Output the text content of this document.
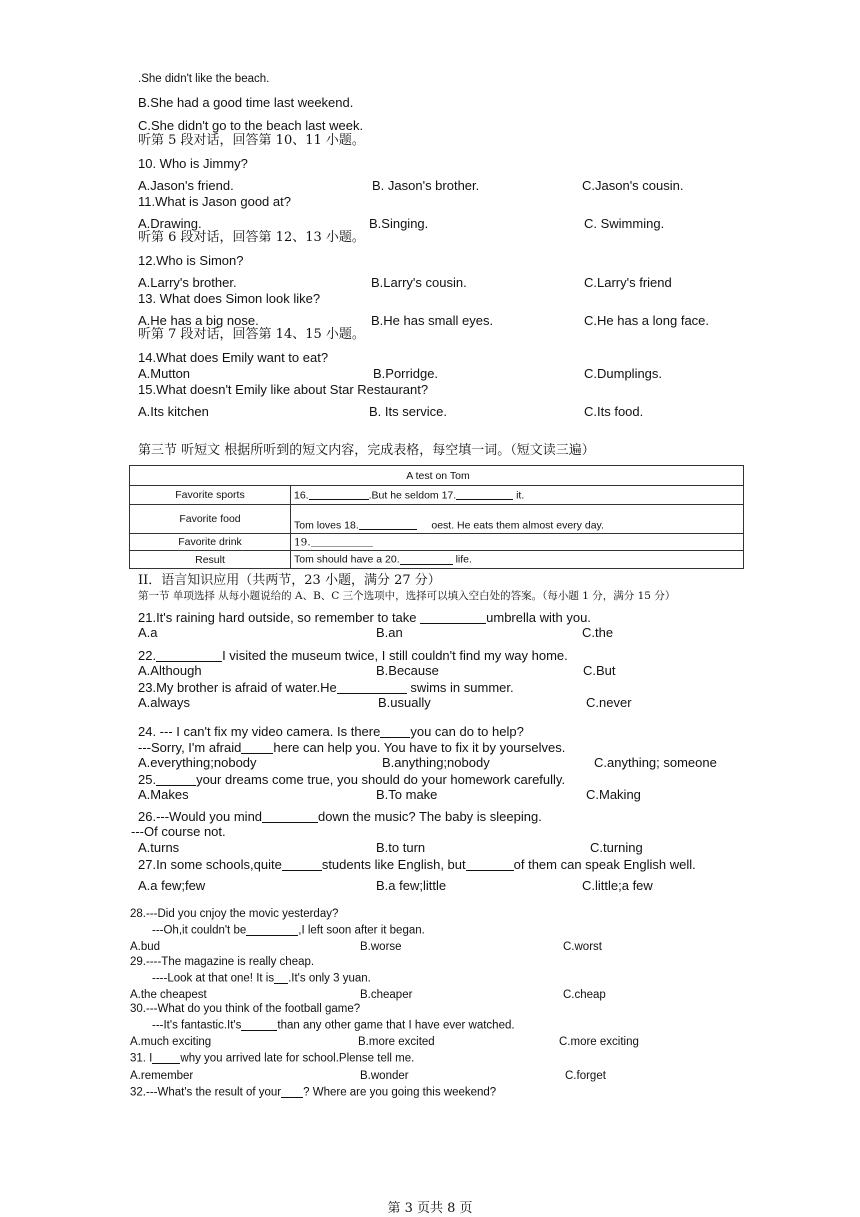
.She didn't like the beach.
B.She had a good time last weekend.
C.She didn't go to the beach last week.
听第 5 段对话，回答第 10、11 小题。
10. Who is Jimmy?
A.Jason's friend.	B. Jason's brother.	C.Jason's cousin.
11.What is Jason good at?
A.Drawing.	B.Singing.	C. Swimming.
听第 6 段对话，回答第 12、13 小题。
12.Who is Simon?
A.Larry's brother.	B.Larry's cousin.	C.Larry's friend
13. What does Simon look like?
A.He has a big nose.	B.He has small eyes.	C.He has a long face.
听第 7 段对话，回答第 14、15 小题。
14.What does Emily want to eat?
A.Mutton	B.Porridge.	C.Dumplings.
15.What doesn't Emily like about Star Restaurant?
A.Its kitchen	B. Its service.	C.Its food.
第三节 听短文 根据所听到的短文内容，完成表格，每空填一词。（短文读三遍）
A test on Tom	
Favorite sports	16. .But he seldom 17. it.
Favorite food	Tom loves 18. oest. He eats them almost every day.
Favorite drink	19.
Result	Tom should have a 20. life.
II．语言知识应用（共两节，23 小题，满分 27 分）
第一节 单项选择 从每小题说给的 A、B、C 三个选项中，选择可以填入空白处的答案。（每小题 1 分，满分 15 分）
21.It's raining hard outside, so remember to take	umbrella with you.
A.a	B.an	C.the
22.	I visited the museum twice, I still couldn't find my way home.
A.Although	B.Because	C.But
23.My brother is afraid of water.He	swims in summer.
A.always	B.usually	C.never
24. --- I can't fix my video camera. Is there you can do to help?
---Sorry, I'm afraid here can help you. You have to fix it by yourselves.
A.everything;nobody	B.anything;nobody	C.anything; someone
25.	your dreams come true, you should do your homework carefully.
A.Makes	B.To make	C.Making
26.---Would you mind	down the music? The baby is sleeping.
---Of course not.
A.turns	B.to turn	C.turning
27.In some schools,quite	students like English, but	of them can speak English well.
A.a few;few	B.a few;little	C.little;a few
28.---Did you cnjoy the movic yesterday?
---Oh,it couldn't be	,I left soon after it began.
A.bud	B.worse	C.worst
29.----The magazine is really cheap.
----Look at that one! It is .It's only 3 yuan.
A.the cheapest	B.cheaper	C.cheap
30.---What do you think of the football game?
---It's fantastic.It's	than any other game that I have ever watched.
A.much exciting	B.more excited	C.more exciting
31. I why you arrived late for school.Plense tell me.
A.remember	B.wonder	C.forget
32.---What's the result of your ? Where are you going this weekend?
第 3 页共 8 页
